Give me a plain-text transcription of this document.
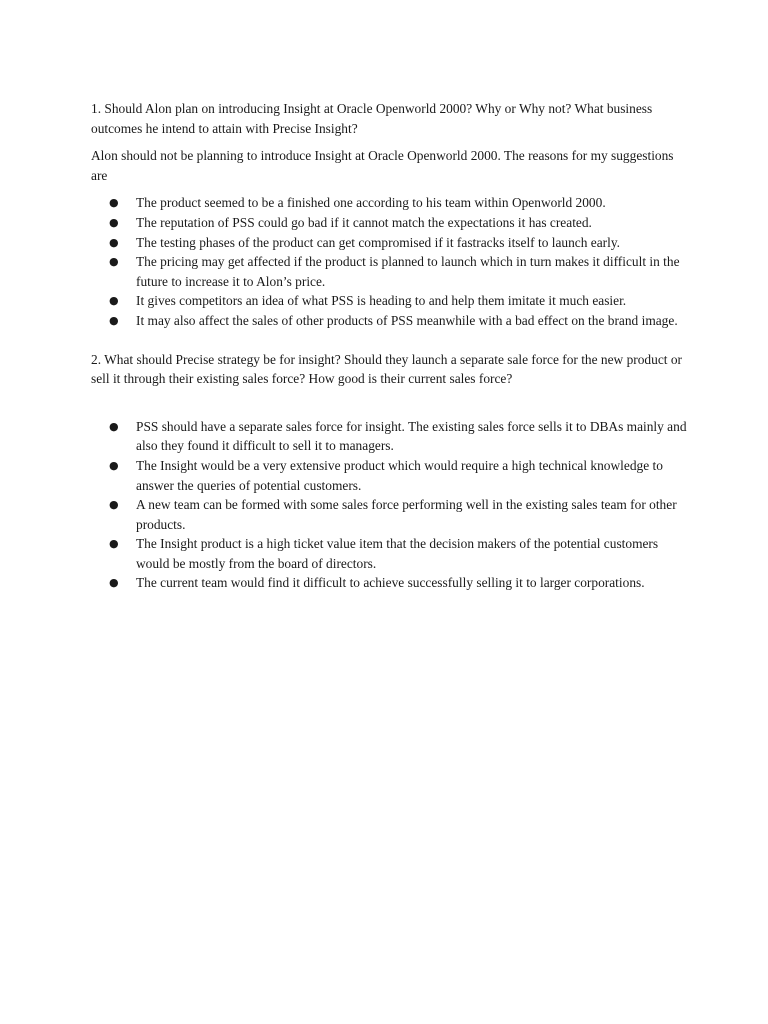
1. Should Alon plan on introducing Insight at Oracle Openworld 2000? Why or Why not? What business outcomes he intend to attain with Precise Insight?

Alon should not be planning to introduce Insight at Oracle Openworld 2000. The reasons for my suggestions are

● The product seemed to be a finished one according to his team within Openworld 2000.
● The reputation of PSS could go bad if it cannot match the expectations it has created.
● The testing phases of the product can get compromised if it fastracks itself to launch early.
● The pricing may get affected if the product is planned to launch which in turn makes it difficult in the future to increase it to Alon’s price.
● It gives competitors an idea of what PSS is heading to and help them imitate it much easier.
● It may also affect the sales of other products of PSS meanwhile with a bad effect on the brand image.

2. What should Precise strategy be for insight? Should they launch a separate sale force for the new product or sell it through their existing sales force? How good is their current sales force?

● PSS should have a separate sales force for insight. The existing sales force sells it to DBAs mainly and also they found it difficult to sell it to managers.
● The Insight would be a very extensive product which would require a high technical knowledge to answer the queries of potential customers.
● A new team can be formed with some sales force performing well in the existing sales team for other products.
● The Insight product is a high ticket value item that the decision makers of the potential customers would be mostly from the board of directors.
● The current team would find it difficult to achieve successfully selling it to larger corporations.
